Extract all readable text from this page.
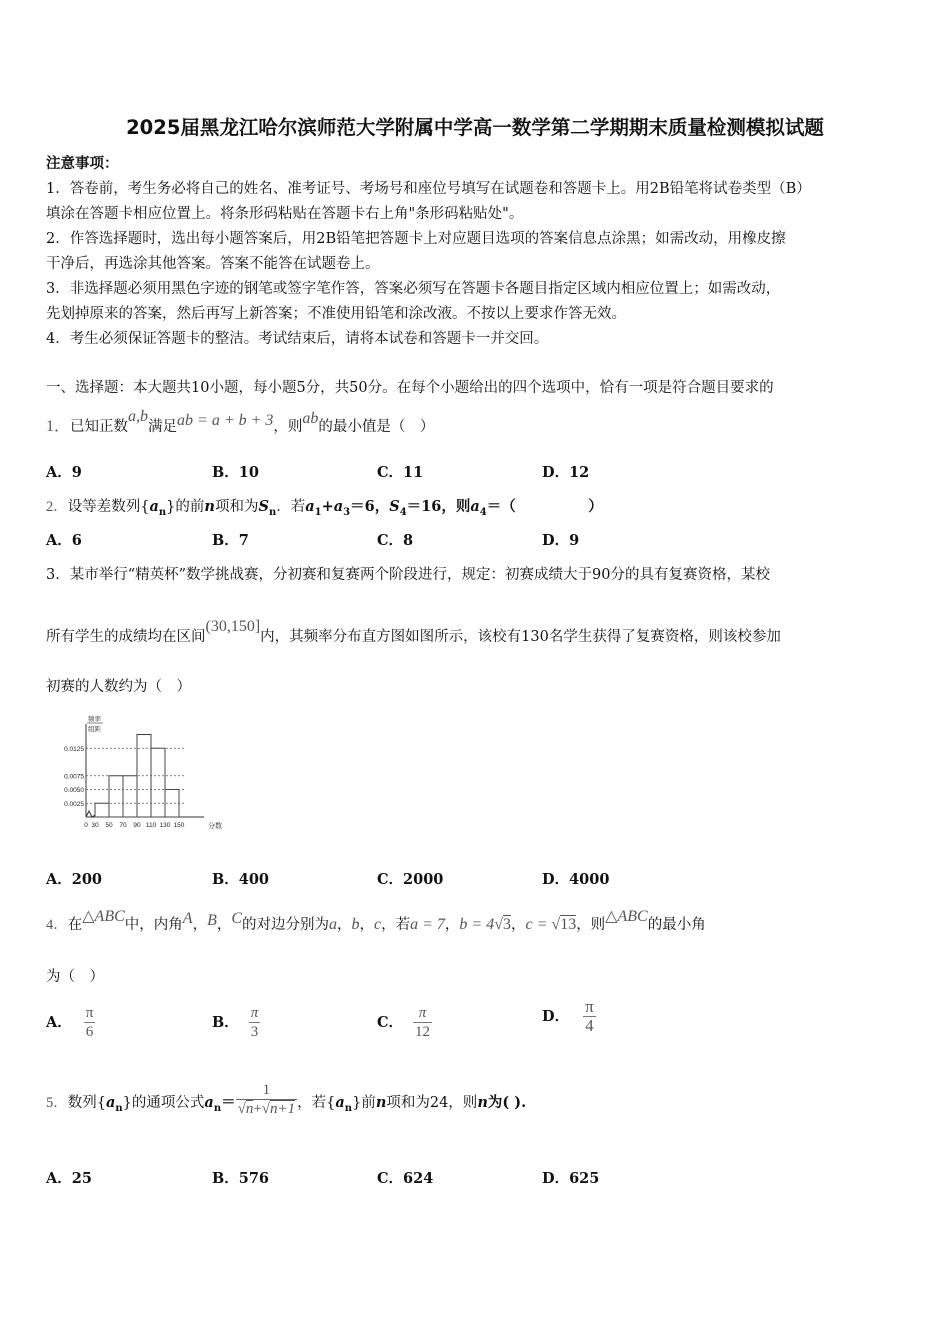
2025届黑龙江哈尔滨师范大学附属中学高一数学第二学期期末质量检测模拟试题
注意事项：
1．答卷前，考生务必将自己的姓名、准考证号、考场号和座位号填写在试题卷和答题卡上。用2B铅笔将试卷类型（B）
填涂在答题卡相应位置上。将条形码粘贴在答题卡右上角"条形码粘贴处"。
2．作答选择题时，选出每小题答案后，用2B铅笔把答题卡上对应题目选项的答案信息点涂黑；如需改动，用橡皮擦
干净后，再选涂其他答案。答案不能答在试题卷上。
3．非选择题必须用黑色字迹的钢笔或签字笔作答，答案必须写在答题卡各题目指定区域内相应位置上；如需改动，
先划掉原来的答案，然后再写上新答案；不准使用铅笔和涂改液。不按以上要求作答无效。
4．考生必须保证答题卡的整洁。考试结束后，请将本试卷和答题卡一并交回。
一、选择题：本大题共10小题，每小题5分，共50分。在每个小题给出的四个选项中，恰有一项是符合题目要求的
1．已知正数a,b满足ab = a + b + 3，则ab的最小值是（　）
A．9	B．10	C．11	D．12
2．设等差数列$\{a_n\}$的前n项和为$S_n$．若$a_1+a_3=6$，$S_4=16$，则$a_4=$（　　　　　）
A．6	B．7	C．8	D．9
3．某市举行“精英杯”数学挑战赛，分初赛和复赛两个阶段进行，规定：初赛成绩大于90分的具有复赛资格，某校
所有学生的成绩均在区间(30,150]内，其频率分布直方图如图所示，该校有130名学生获得了复赛资格，则该校参加
初赛的人数约为（　）
0.0125
0.0075
0.0050
0.0025
0 30 50 70 90 110 130 150	分数
频率
组距
A．200	B．400	C．2000	D．4000
4．在△ABC中，内角A，B，C的对边分别为a，b，c，若a = 7，b = 4√3，c = √13，则△ABC的最小角
为（　）
A． $\frac{\pi}{6}$	B． $\frac{\pi}{3}$	C． $\frac{\pi}{12}$	D． $\frac{\pi}{4}$
5．数列$\{a_n\}$的通项公式$a_n= \frac{1}{√n+√n+1}$ ，若$\{a_n\}$前n项和为24，则n为( ).
A．25	B．576	C．624	D．625
